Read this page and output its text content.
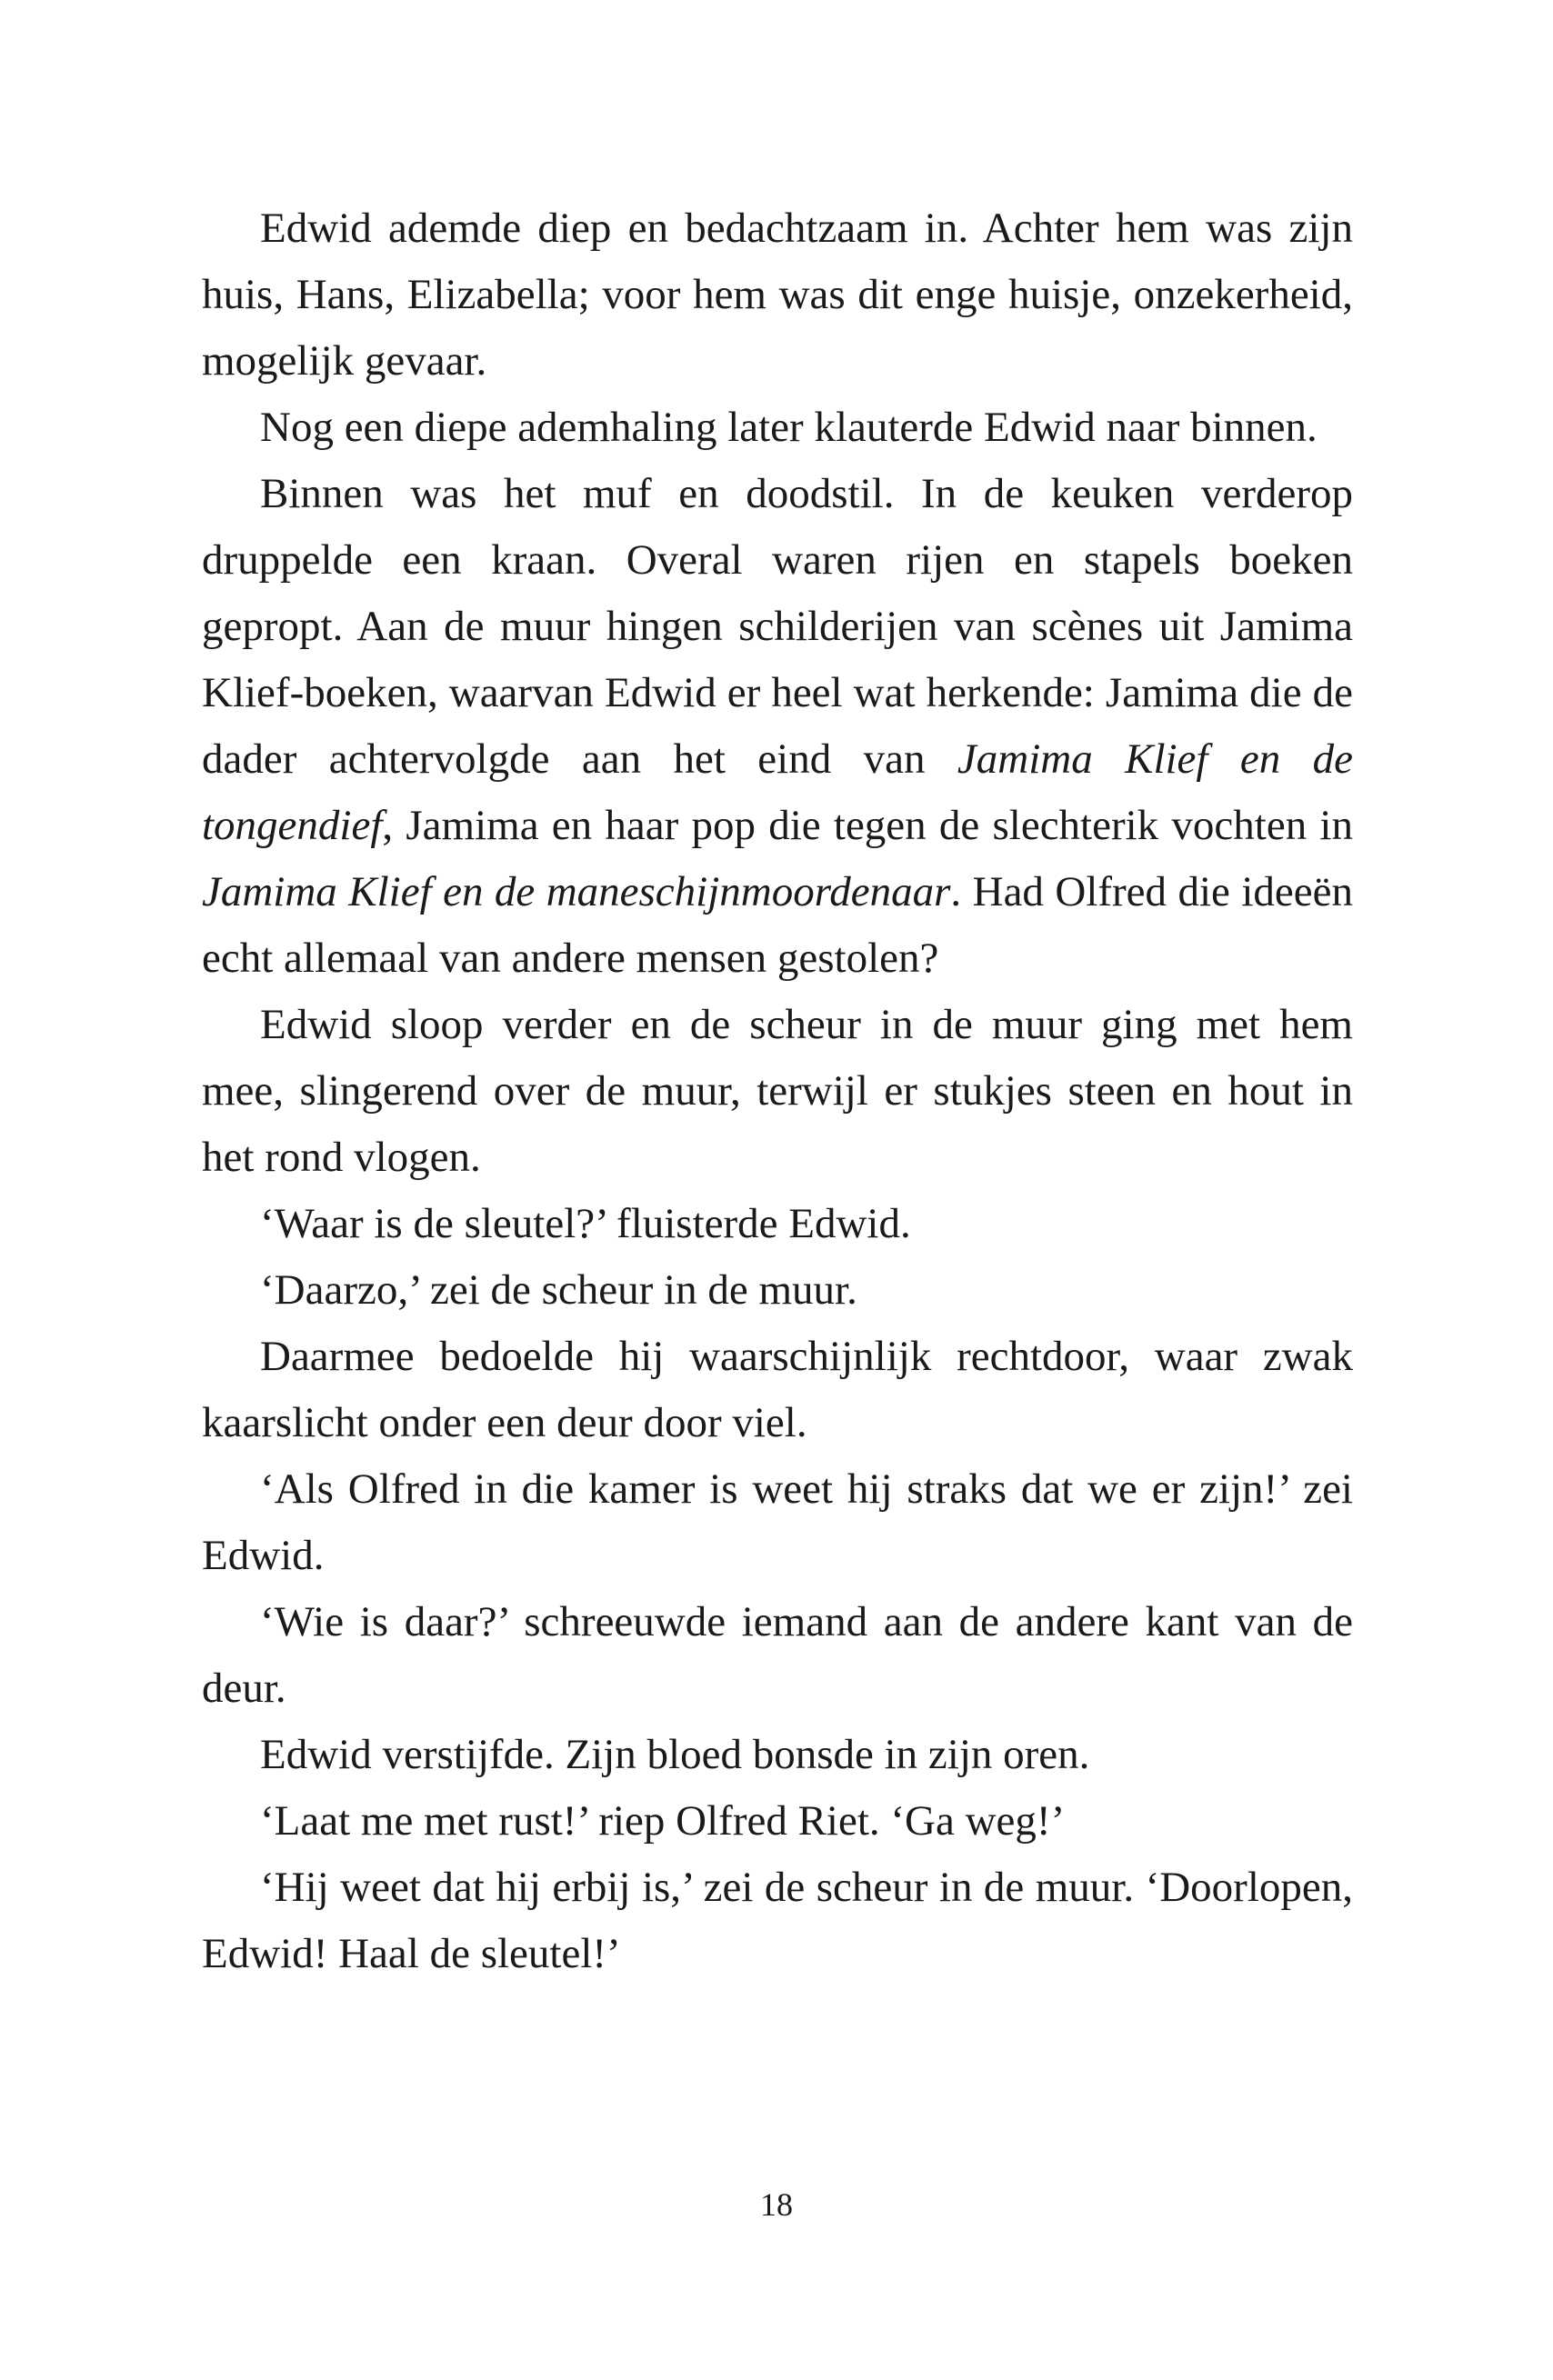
Edwid ademde diep en bedachtzaam in. Achter hem was zijn huis, Hans, Elizabella; voor hem was dit enge huisje, onzekerheid, mogelijk gevaar.

Nog een diepe ademhaling later klauterde Edwid naar binnen.

Binnen was het muf en doodstil. In de keuken verderop druppelde een kraan. Overal waren rijen en stapels boeken gepropt. Aan de muur hingen schilderijen van scènes uit Jamima Klief-boeken, waarvan Edwid er heel wat herkende: Jamima die de dader achtervolgde aan het eind van Jamima Klief en de tongendief, Jamima en haar pop die tegen de slechterik vochten in Jamima Klief en de maneschijnmoordenaar. Had Olfred die ideeën echt allemaal van andere mensen gestolen?

Edwid sloop verder en de scheur in de muur ging met hem mee, slingerend over de muur, terwijl er stukjes steen en hout in het rond vlogen.

‘Waar is de sleutel?’ fluisterde Edwid.

‘Daarzo,’ zei de scheur in de muur.

Daarmee bedoelde hij waarschijnlijk rechtdoor, waar zwak kaarslicht onder een deur door viel.

‘Als Olfred in die kamer is weet hij straks dat we er zijn!’ zei Edwid.

‘Wie is daar?’ schreeuwde iemand aan de andere kant van de deur.

Edwid verstijfde. Zijn bloed bonsde in zijn oren.

‘Laat me met rust!’ riep Olfred Riet. ‘Ga weg!’

‘Hij weet dat hij erbij is,’ zei de scheur in de muur. ‘Doorlopen, Edwid! Haal de sleutel!’

18
